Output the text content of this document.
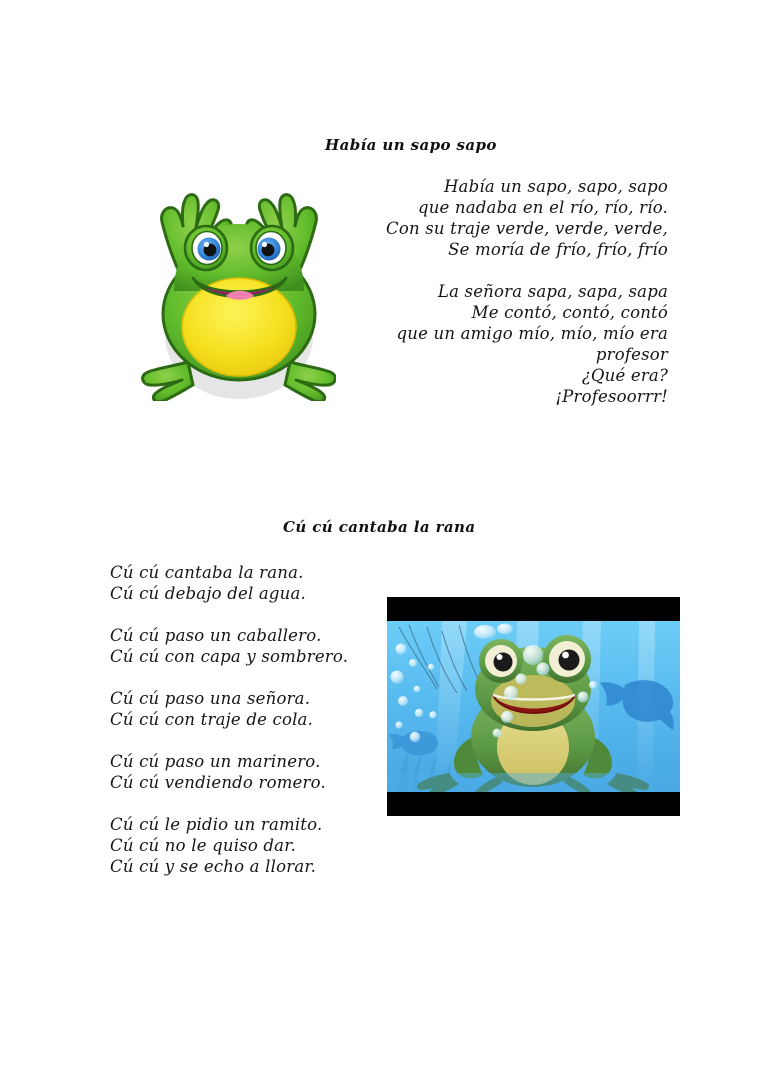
Había un sapo sapo
Había un sapo, sapo, sapo
que nadaba en el río, río, río.
Con su traje verde, verde, verde,
Se moría de frío, frío, frío
La señora sapa, sapa, sapa
Me contó, contó, contó
que un amigo mío, mío, mío era
profesor
¿Qué era?
¡Profesoorrr!
Cú cú cantaba la rana
Cú cú cantaba la rana.
Cú cú debajo del agua.
Cú cú paso un caballero.
Cú cú con capa y sombrero.
Cú cú paso una señora.
Cú cú con traje de cola.
Cú cú paso un marinero.
Cú cú vendiendo romero.
Cú cú le pidio un ramito.
Cú cú no le quiso dar.
Cú cú y se echo a llorar.
